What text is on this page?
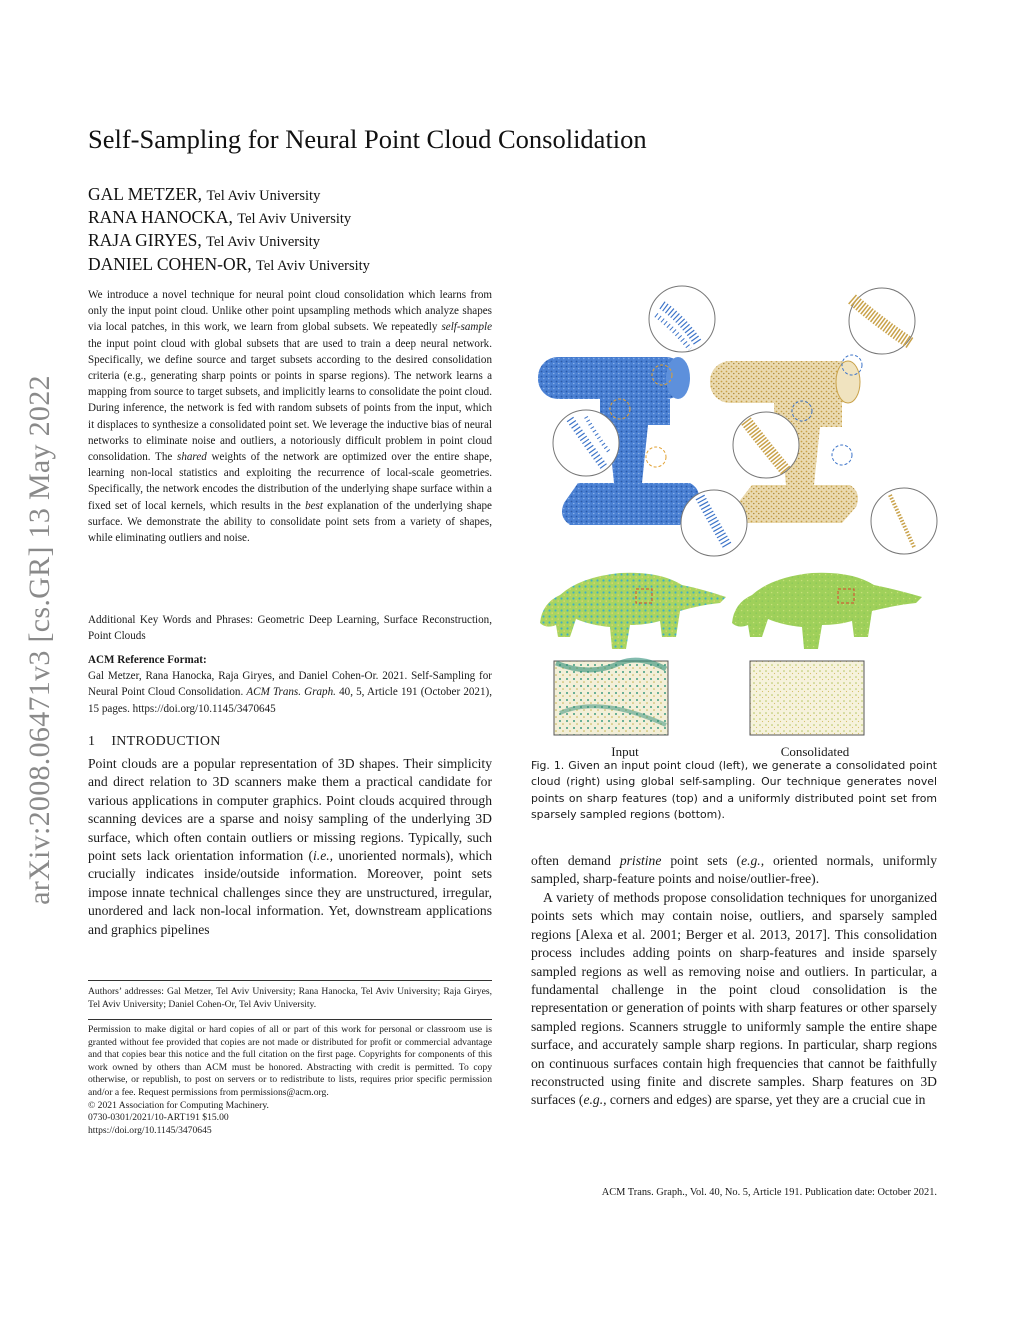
arXiv:2008.06471v3 [cs.GR] 13 May 2022
Self-Sampling for Neural Point Cloud Consolidation
GAL METZER, Tel Aviv University
RANA HANOCKA, Tel Aviv University
RAJA GIRYES, Tel Aviv University
DANIEL COHEN-OR, Tel Aviv University
We introduce a novel technique for neural point cloud consolidation which learns from only the input point cloud. Unlike other point upsampling methods which analyze shapes via local patches, in this work, we learn from global subsets. We repeatedly self-sample the input point cloud with global subsets that are used to train a deep neural network. Specifically, we define source and target subsets according to the desired consolidation criteria (e.g., generating sharp points or points in sparse regions). The network learns a mapping from source to target subsets, and implicitly learns to consolidate the point cloud. During inference, the network is fed with random subsets of points from the input, which it displaces to synthesize a consolidated point set. We leverage the inductive bias of neural networks to eliminate noise and outliers, a notoriously difficult problem in point cloud consolidation. The shared weights of the network are optimized over the entire shape, learning non-local statistics and exploiting the recurrence of local-scale geometries. Specifically, the network encodes the distribution of the underlying shape surface within a fixed set of local kernels, which results in the best explanation of the underlying shape surface. We demonstrate the ability to consolidate point sets from a variety of shapes, while eliminating outliers and noise.
Additional Key Words and Phrases: Geometric Deep Learning, Surface Reconstruction, Point Clouds
ACM Reference Format:
Gal Metzer, Rana Hanocka, Raja Giryes, and Daniel Cohen-Or. 2021. Self-Sampling for Neural Point Cloud Consolidation. ACM Trans. Graph. 40, 5, Article 191 (October 2021), 15 pages. https://doi.org/10.1145/3470645
1 INTRODUCTION
Point clouds are a popular representation of 3D shapes. Their simplicity and direct relation to 3D scanners make them a practical candidate for various applications in computer graphics. Point clouds acquired through scanning devices are a sparse and noisy sampling of the underlying 3D surface, which often contain outliers or missing regions. Typically, such point sets lack orientation information (i.e., unoriented normals), which crucially indicates inside/outside information. Moreover, point sets impose innate technical challenges since they are unstructured, irregular, unordered and lack non-local information. Yet, downstream applications and graphics pipelines
Authors’ addresses: Gal Metzer, Tel Aviv University; Rana Hanocka, Tel Aviv University; Raja Giryes, Tel Aviv University; Daniel Cohen-Or, Tel Aviv University.
Permission to make digital or hard copies of all or part of this work for personal or classroom use is granted without fee provided that copies are not made or distributed for profit or commercial advantage and that copies bear this notice and the full citation on the first page. Copyrights for components of this work owned by others than ACM must be honored. Abstracting with credit is permitted. To copy otherwise, or republish, to post on servers or to redistribute to lists, requires prior specific permission and/or a fee. Request permissions from permissions@acm.org.
© 2021 Association for Computing Machinery.
0730-0301/2021/10-ART191 $15.00
https://doi.org/10.1145/3470645
Input	Consolidated
Fig. 1. Given an input point cloud (left), we generate a consolidated point cloud (right) using global self-sampling. Our technique generates novel points on sharp features (top) and a uniformly distributed point set from sparsely sampled regions (bottom).
often demand pristine point sets (e.g., oriented normals, uniformly sampled, sharp-feature points and noise/outlier-free).
A variety of methods propose consolidation techniques for unorganized points sets which may contain noise, outliers, and sparsely sampled regions [Alexa et al. 2001; Berger et al. 2013, 2017]. This consolidation process includes adding points on sharp-features and inside sparsely sampled regions as well as removing noise and outliers. In particular, a fundamental challenge in the point cloud consolidation is the representation or generation of points with sharp features or other sparsely sampled regions. Scanners struggle to uniformly sample the entire shape surface, and accurately sample sharp regions. In particular, sharp regions on continuous surfaces contain high frequencies that cannot be faithfully reconstructed using finite and discrete samples. Sharp features on 3D surfaces (e.g., corners and edges) are sparse, yet they are a crucial cue in
ACM Trans. Graph., Vol. 40, No. 5, Article 191. Publication date: October 2021.
